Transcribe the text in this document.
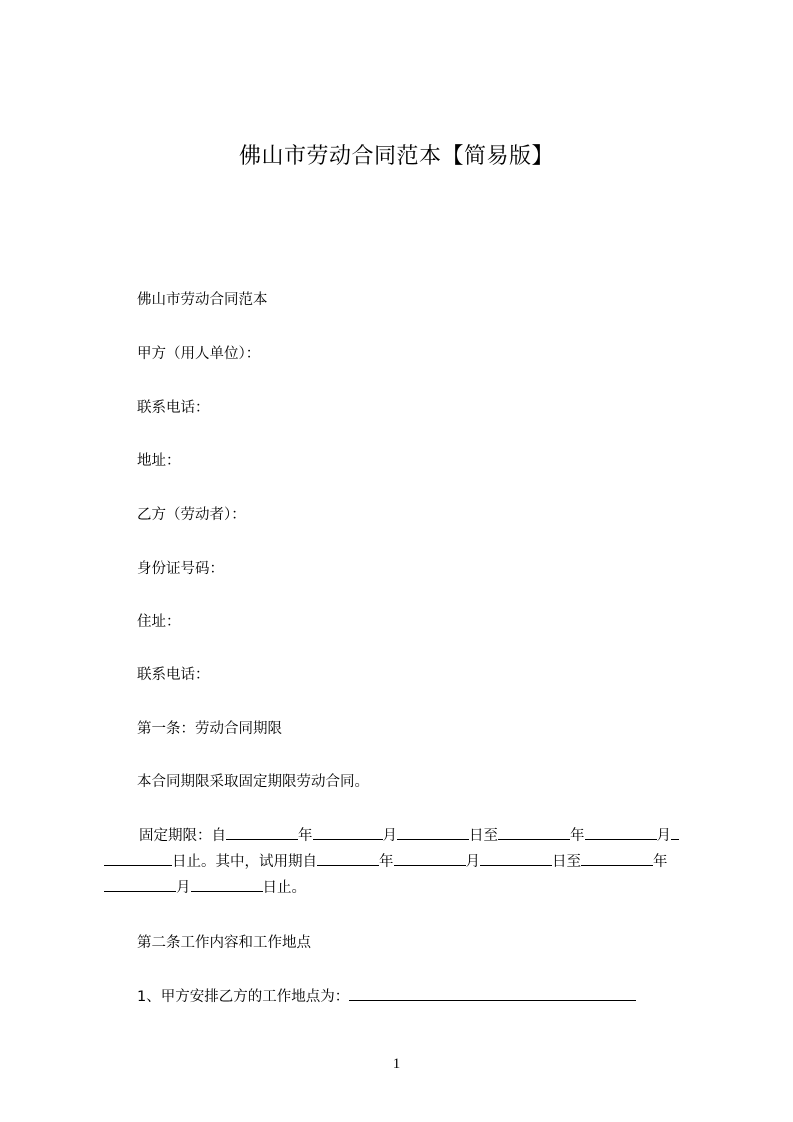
佛山市劳动合同范本【简易版】
佛山市劳动合同范本
甲方（用人单位）：
联系电话：
地址：
乙方（劳动者）：
身份证号码：
住址：
联系电话：
第一条：劳动合同期限
本合同期限采取固定期限劳动合同。
固定期限：自	年	月	日至	年	月
日止。其中，试用期自	年	月	日至	年
月	日止。
第二条工作内容和工作地点
1、甲方安排乙方的工作地点为：
1
